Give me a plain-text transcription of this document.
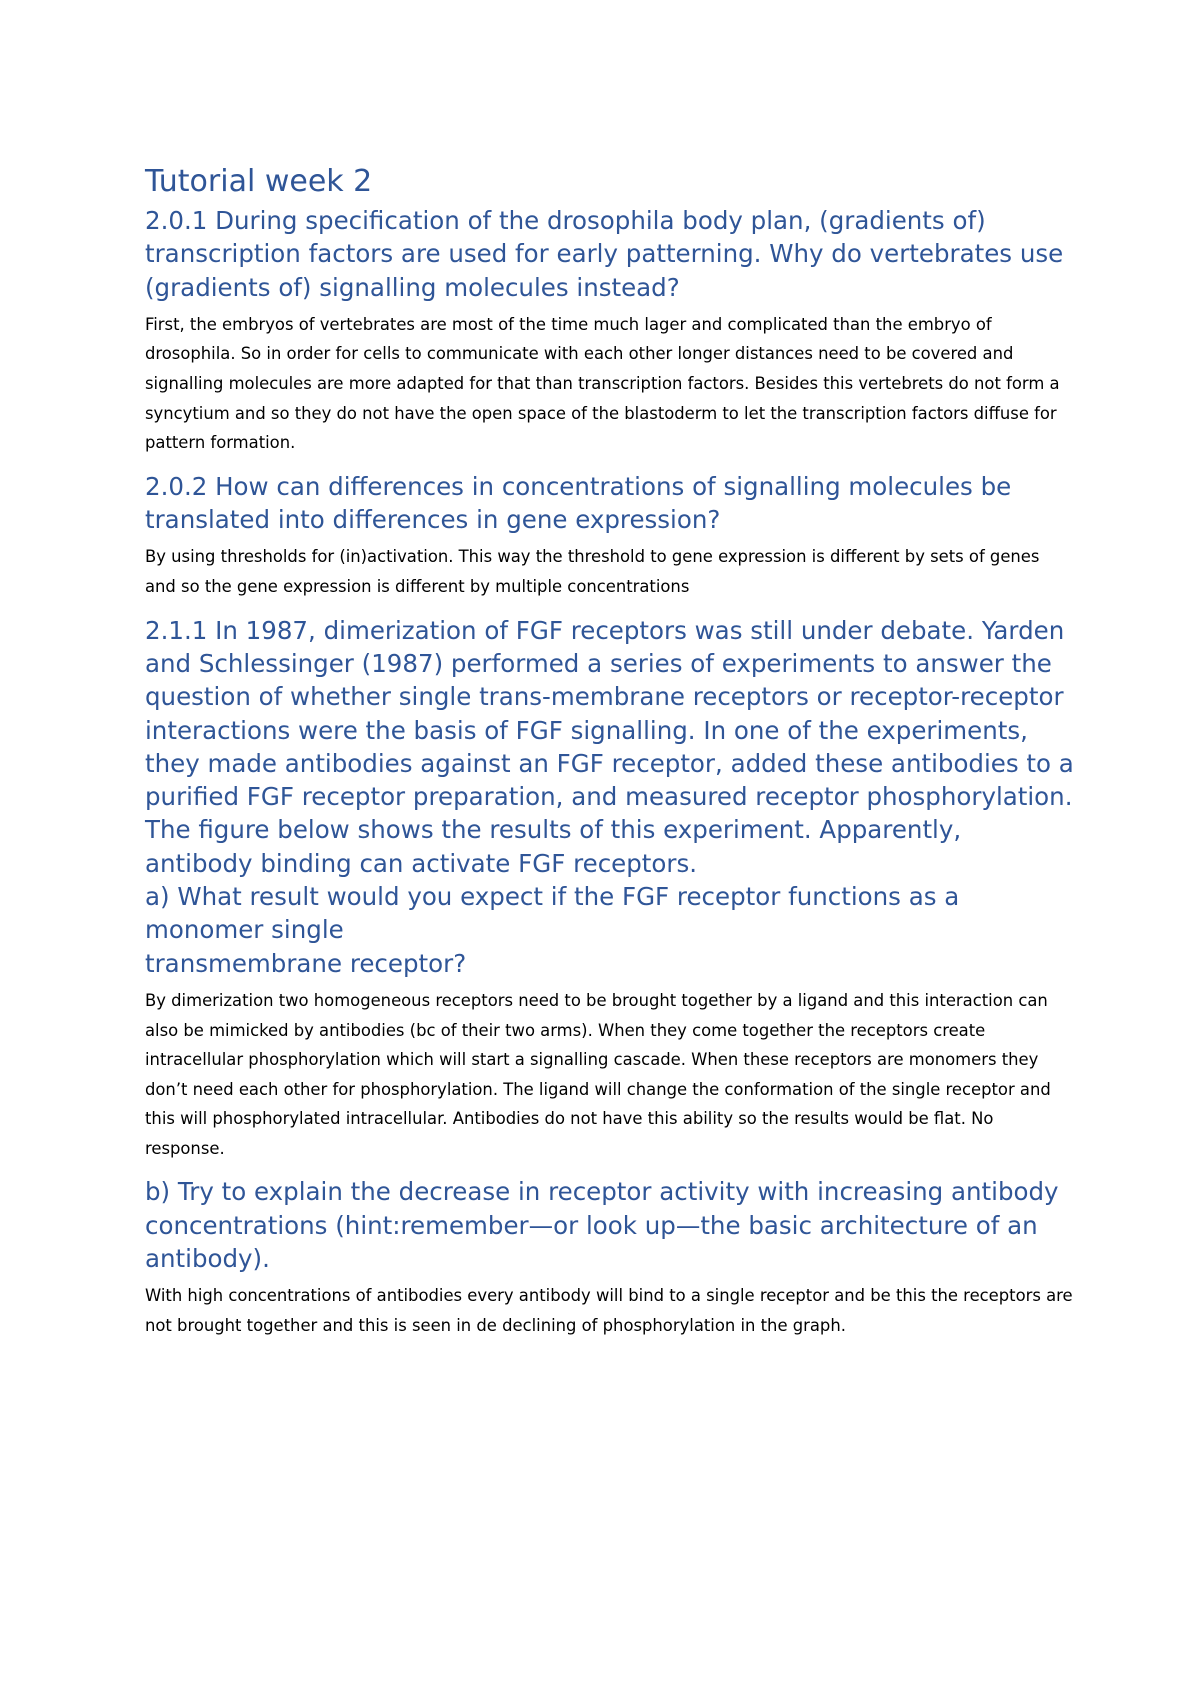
Tutorial week 2
2.0.1 During specification of the drosophila body plan, (gradients of) transcription factors are used for early patterning. Why do vertebrates use (gradients of) signalling molecules instead?

First, the embryos of vertebrates are most of the time much lager and complicated than the embryo of drosophila. So in order for cells to communicate with each other longer distances need to be covered and signalling molecules are more adapted for that than transcription factors. Besides this vertebrets do not form a syncytium and so they do not have the open space of the blastoderm to let the transcription factors diffuse for pattern formation.

2.0.2 How can differences in concentrations of signalling molecules be translated into differences in gene expression?

By using thresholds for (in)activation. This way the threshold to gene expression is different by sets of genes and so the gene expression is different by multiple concentrations

2.1.1 In 1987, dimerization of FGF receptors was still under debate. Yarden and Schlessinger (1987) performed a series of experiments to answer the question of whether single trans-membrane receptors or receptor-receptor interactions were the basis of FGF signalling. In one of the experiments, they made antibodies against an FGF receptor, added these antibodies to a purified FGF receptor preparation, and measured receptor phosphorylation. The figure below shows the results of this experiment. Apparently, antibody binding can activate FGF receptors.
a) What result would you expect if the FGF receptor functions as a monomer single
transmembrane receptor?

By dimerization two homogeneous receptors need to be brought together by a ligand and this interaction can also be mimicked by antibodies (bc of their two arms). When they come together the receptors create intracellular phosphorylation which will start a signalling cascade. When these receptors are monomers they don’t need each other for phosphorylation. The ligand will change the conformation of the single receptor and this will phosphorylated intracellular. Antibodies do not have this ability so the results would be flat. No response.

b) Try to explain the decrease in receptor activity with increasing antibody concentrations (hint:remember—or look up—the basic architecture of an antibody).

With high concentrations of antibodies every antibody will bind to a single receptor and be this the receptors are not brought together and this is seen in de declining of phosphorylation in the graph.
